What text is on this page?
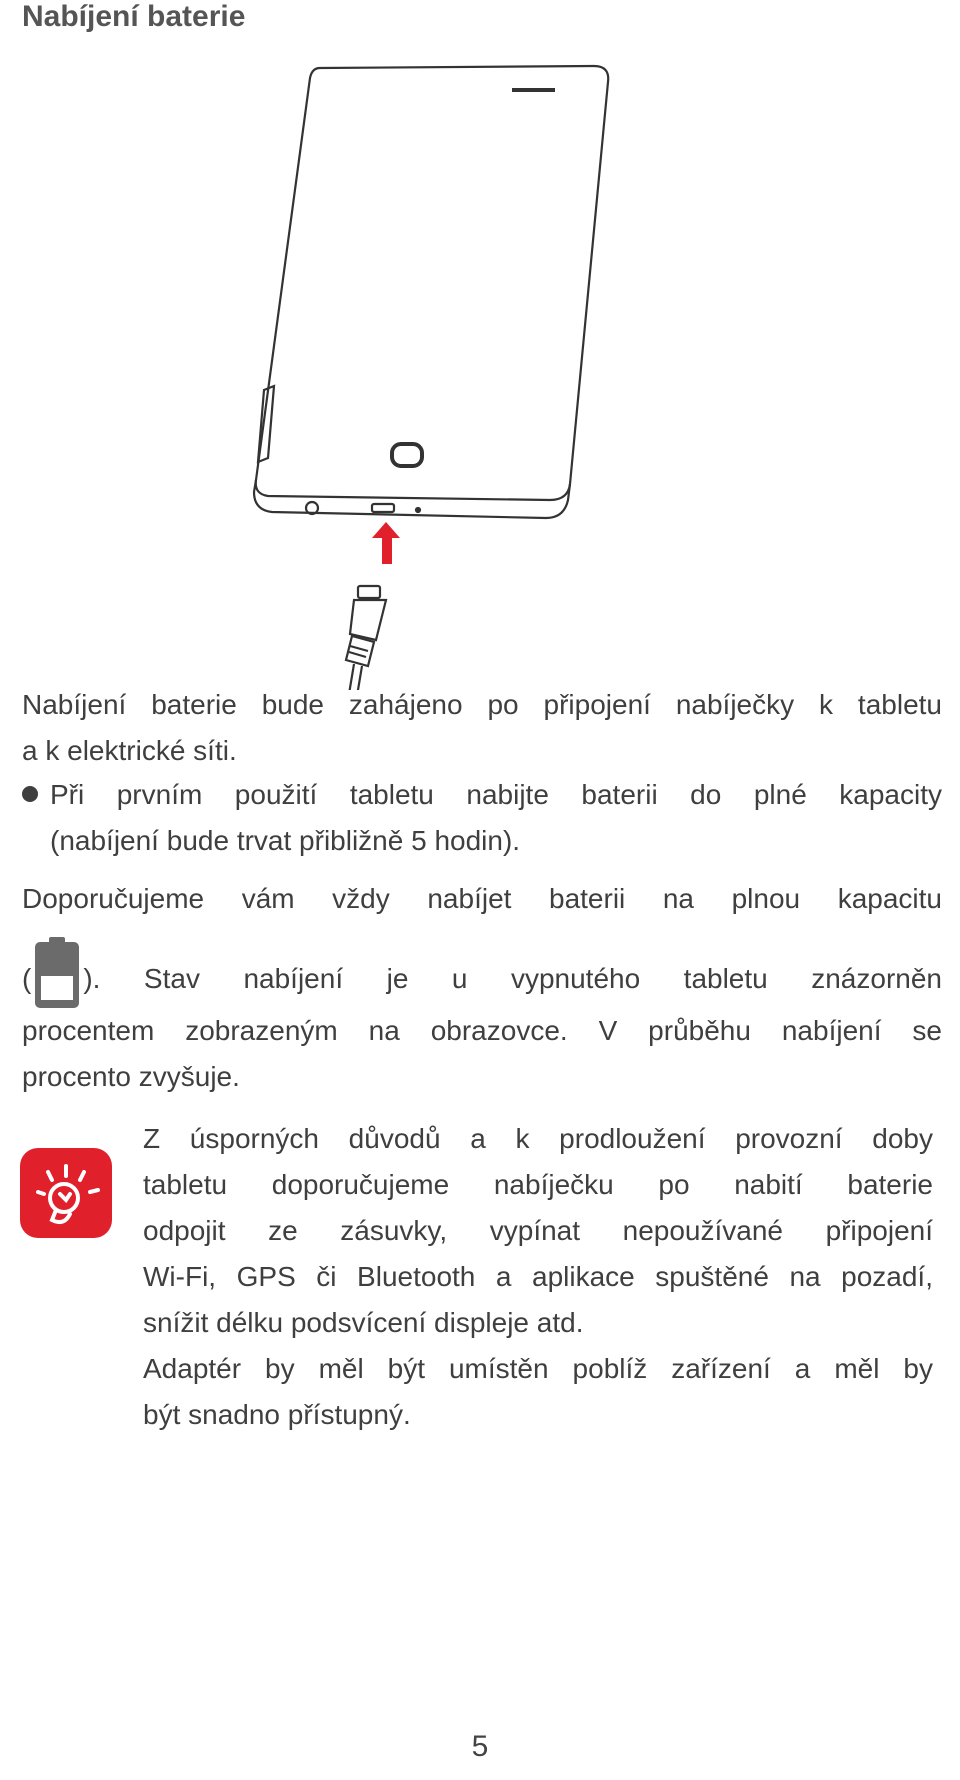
Nabíjení baterie
Nabíjení baterie bude zahájeno po připojení nabíječky k tabletu
a k elektrické síti.
Při prvním použití tabletu nabijte baterii do plné kapacity
(nabíjení bude trvat přibližně 5 hodin).
Doporučujeme vám vždy nabíjet baterii na plnou kapacitu
( ). Stav nabíjení je u vypnutého tabletu znázorněn
procentem zobrazeným na obrazovce. V průběhu nabíjení se
procento zvyšuje.
Z úsporných důvodů a k prodloužení provozní doby
tabletu doporučujeme nabíječku po nabití baterie
odpojit ze zásuvky, vypínat nepoužívané připojení
Wi-Fi, GPS či Bluetooth a aplikace spuštěné na pozadí,
snížit délku podsvícení displeje atd.
Adaptér by měl být umístěn poblíž zařízení a měl by
být snadno přístupný.
5
